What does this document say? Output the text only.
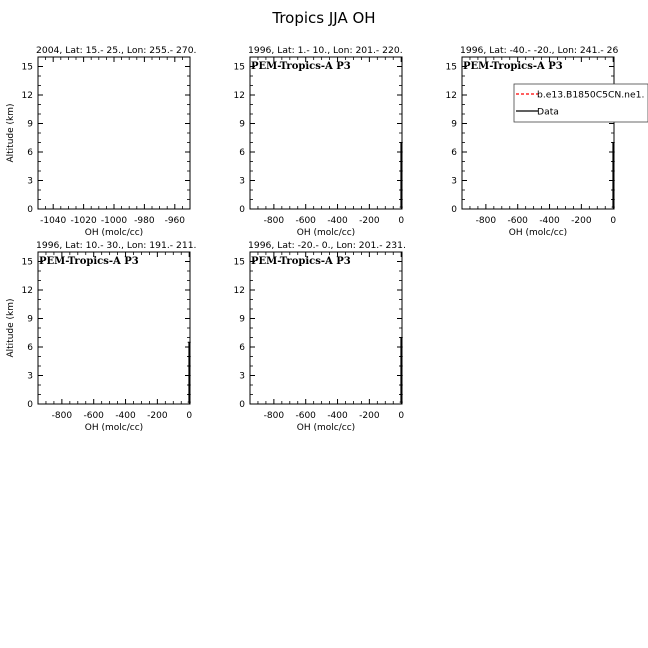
Tropics JJA OH
2004, Lat: 15.- 25., Lon: 255.- 270.
0
3
6
9
12
15
-1040 -1020 -1000 -980 -960
OH (molc/cc)
Altitude (km)
1996, Lat: 1.- 10., Lon: 201.- 220.
PEM-Tropics-A P3
0
3
6
9
12
15
-800 -600 -400 -200 0
OH (molc/cc)
1996, Lat: -40.- -20., Lon: 241.- 26
PEM-Tropics-A P3
0
3
6
9
12
15
-800 -600 -400 -200 0
OH (molc/cc)
1996, Lat: 10.- 30., Lon: 191.- 211.
PEM-Tropics-A P3
0
3
6
9
12
15
-800 -600 -400 -200 0
OH (molc/cc)
Altitude (km)
1996, Lat: -20.- 0., Lon: 201.- 231.
PEM-Tropics-A P3
0
3
6
9
12
15
-800 -600 -400 -200 0
OH (molc/cc)
b.e13.B1850C5CN.ne1.
Data
